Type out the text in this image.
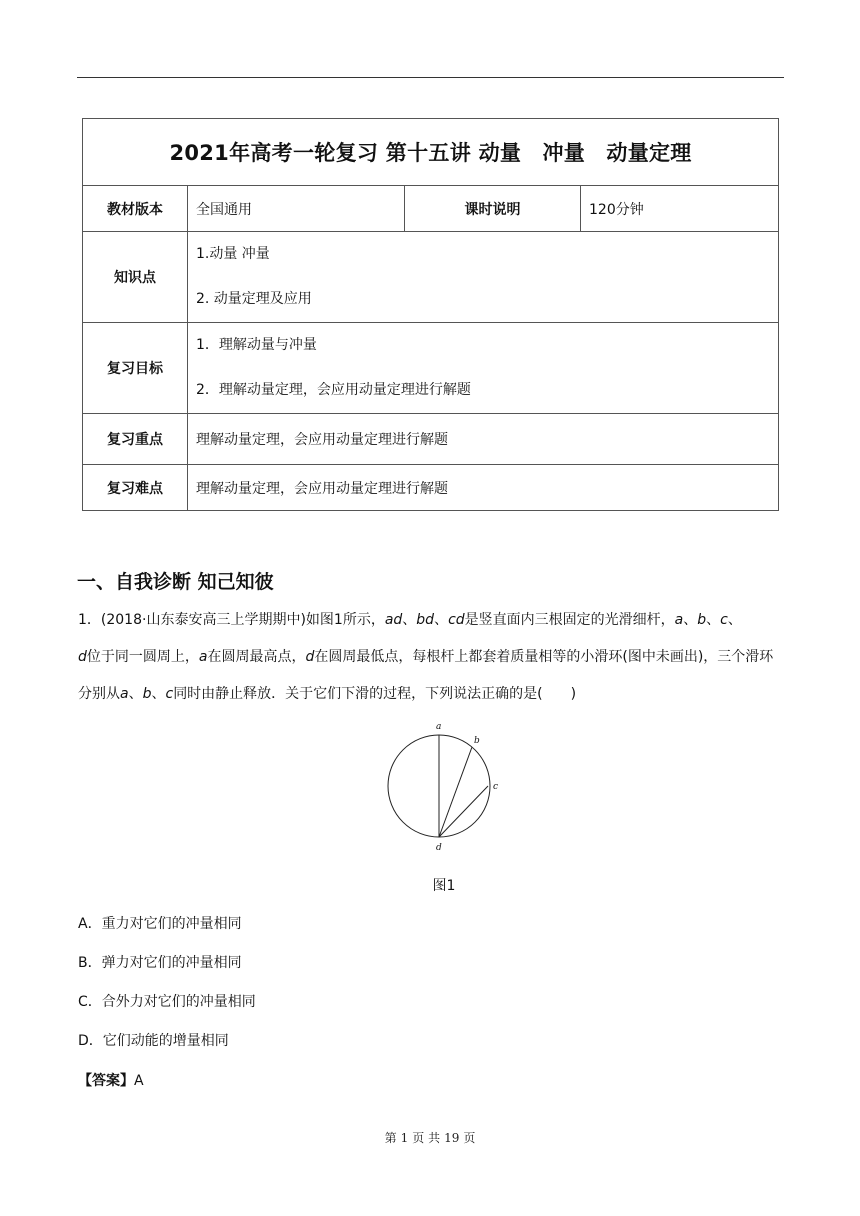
2021年高考一轮复习 第十五讲 动量　冲量　动量定理			
教材版本	全国通用	课时说明	120分钟
知识点	1.动量 冲量
2. 动量定理及应用		

复习目标	1．理解动量与冲量
2．理解动量定理，会应用动量定理进行解题		

复习重点	理解动量定理，会应用动量定理进行解题		
复习难点	理解动量定理，会应用动量定理进行解题		
一、自我诊断 知己知彼

1．(2018·山东泰安高三上学期期中)如图1所示，ad、bd、cd是竖直面内三根固定的光滑细杆，a、b、c、
d位于同一圆周上，a在圆周最高点，d在圆周最低点，每根杆上都套着质量相等的小滑环(图中未画出)，三个滑环分别从a、b、c同时由静止释放．关于它们下滑的过程，下列说法正确的是(　　)

a
b
c
d
图1
A．重力对它们的冲量相同
B．弹力对它们的冲量相同
C．合外力对它们的冲量相同
D．它们动能的增量相同
【答案】A
第 1 页 共 19 页
